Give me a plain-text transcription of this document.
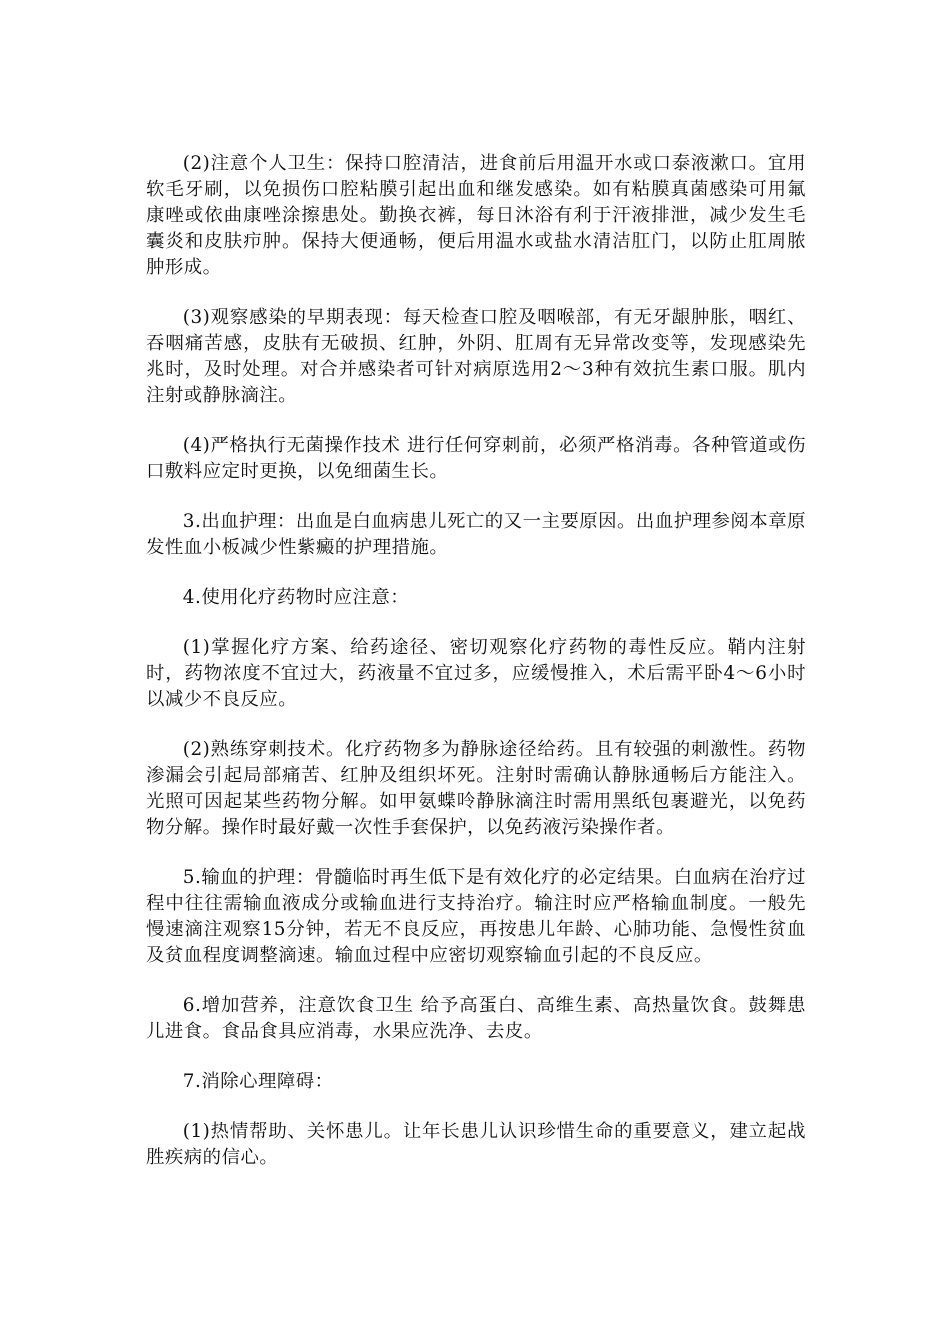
(2)注意个人卫生：保持口腔清洁，进食前后用温开水或口泰液漱口。宜用软毛牙刷，以免损伤口腔粘膜引起出血和继发感染。如有粘膜真菌感染可用氟康唑或依曲康唑涂擦患处。勤换衣裤，每日沐浴有利于汗液排泄，减少发生毛囊炎和皮肤疖肿。保持大便通畅，便后用温水或盐水清洁肛门，以防止肛周脓肿形成。

(3)观察感染的早期表现：每天检查口腔及咽喉部，有无牙龈肿胀，咽红、吞咽痛苦感，皮肤有无破损、红肿，外阴、肛周有无异常改变等，发现感染先兆时，及时处理。对合并感染者可针对病原选用2～3种有效抗生素口服。肌内注射或静脉滴注。

(4)严格执行无菌操作技术 进行任何穿刺前，必须严格消毒。各种管道或伤口敷料应定时更换，以免细菌生长。

3.出血护理：出血是白血病患儿死亡的又一主要原因。出血护理参阅本章原发性血小板减少性紫癜的护理措施。

4.使用化疗药物时应注意：

(1)掌握化疗方案、给药途径、密切观察化疗药物的毒性反应。鞘内注射时，药物浓度不宜过大，药液量不宜过多，应缓慢推入，术后需平卧4～6小时以减少不良反应。

(2)熟练穿刺技术。化疗药物多为静脉途径给药。且有较强的刺激性。药物渗漏会引起局部痛苦、红肿及组织坏死。注射时需确认静脉通畅后方能注入。光照可因起某些药物分解。如甲氨蝶呤静脉滴注时需用黑纸包裹避光，以免药物分解。操作时最好戴一次性手套保护，以免药液污染操作者。

5.输血的护理：骨髓临时再生低下是有效化疗的必定结果。白血病在治疗过程中往往需输血液成分或输血进行支持治疗。输注时应严格输血制度。一般先慢速滴注观察15分钟，若无不良反应，再按患儿年龄、心肺功能、急慢性贫血及贫血程度调整滴速。输血过程中应密切观察输血引起的不良反应。

6.增加营养，注意饮食卫生 给予高蛋白、高维生素、高热量饮食。鼓舞患儿进食。食品食具应消毒，水果应洗净、去皮。

7.消除心理障碍：

(1)热情帮助、关怀患儿。让年长患儿认识珍惜生命的重要意义，建立起战胜疾病的信心。
